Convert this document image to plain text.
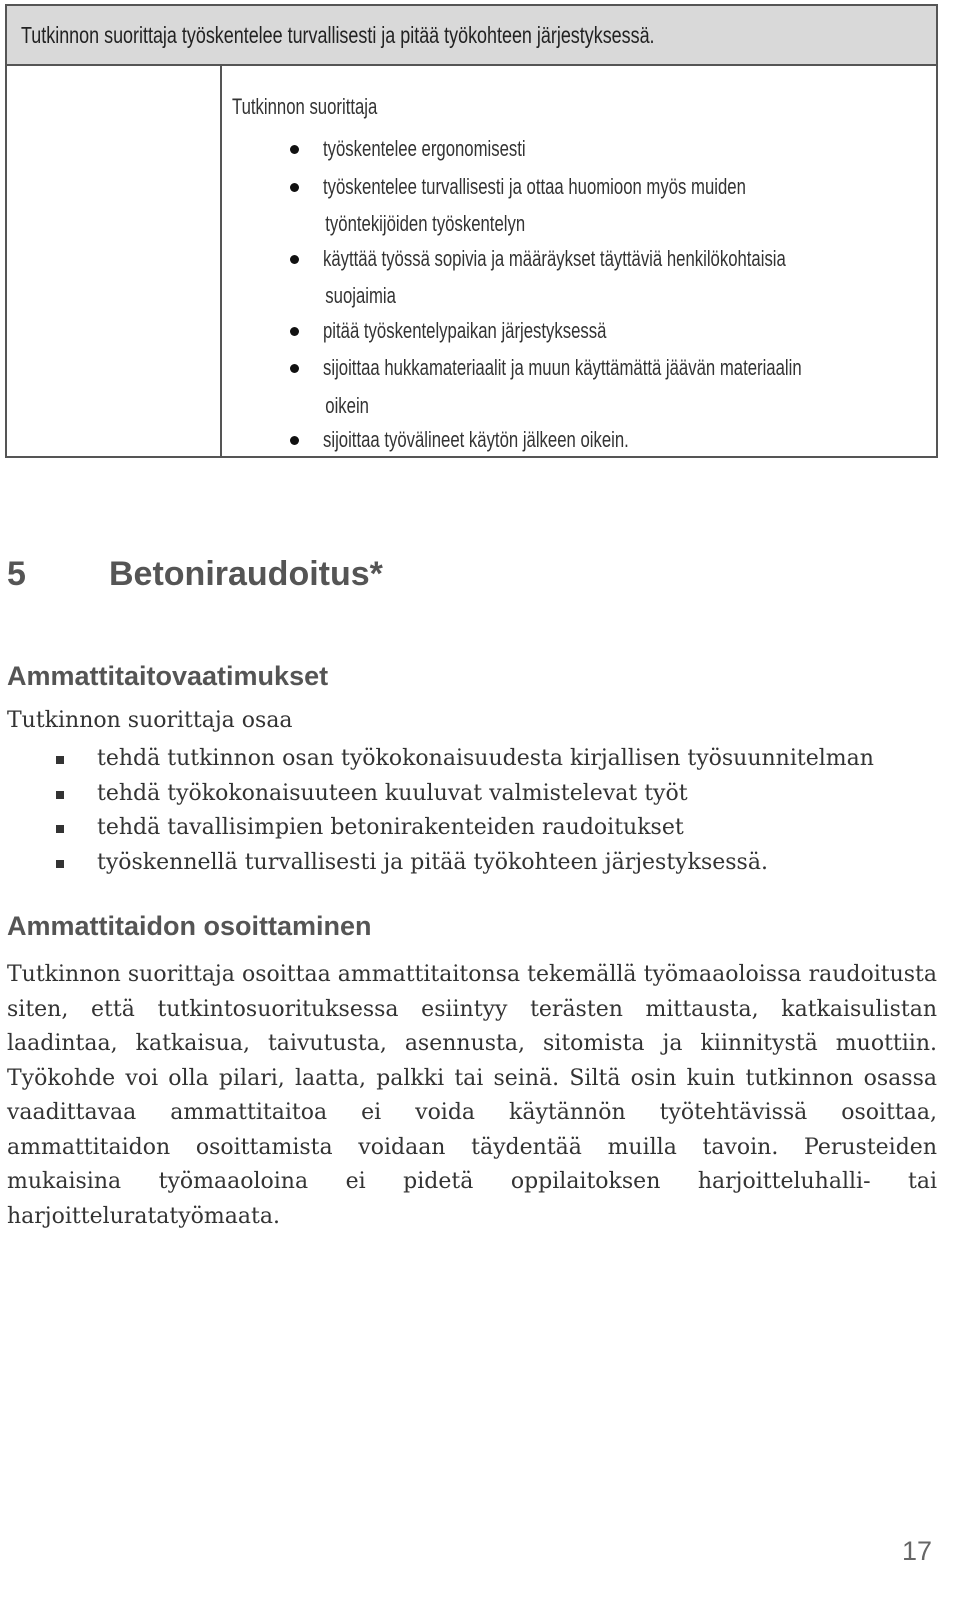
Tutkinnon suorittaja työskentelee turvallisesti ja pitää työkohteen järjestyksessä.
Tutkinnon suorittaja
työskentelee ergonomisesti
työskentelee turvallisesti ja ottaa huomioon myös muiden

työntekijöiden työskentelyn
käyttää työssä sopivia ja määräykset täyttäviä henkilökohtaisia

suojaimia
pitää työskentelypaikan järjestyksessä
sijoittaa hukkamateriaalit ja muun käyttämättä jäävän materiaalin

oikein
sijoittaa työvälineet käytön jälkeen oikein.
5 Betoniraudoitus*
Ammattitaitovaatimukset
Tutkinnon suorittaja osaa
tehdä tutkinnon osan työkokonaisuudesta kirjallisen työsuunnitelman
tehdä työkokonaisuuteen kuuluvat valmistelevat työt
tehdä tavallisimpien betonirakenteiden raudoitukset
työskennellä turvallisesti ja pitää työkohteen järjestyksessä.
Ammattitaidon osoittaminen

Tutkinnon suorittaja osoittaa ammattitaitonsa tekemällä työmaaoloissa raudoitusta siten, että tutkintosuorituksessa esiintyy terästen mittausta, katkaisulistan laadintaa, katkaisua, taivutusta, asennusta, sitomista ja kiinnitystä muottiin. Työkohde voi olla pilari, laatta, palkki tai seinä. Siltä osin kuin tutkinnon osassa vaadittavaa ammattitaitoa ei voida käytännön työtehtävissä osoittaa, ammattitaidon osoittamista voidaan täydentää muilla tavoin. Perusteiden mukaisina työmaaoloina ei pidetä oppilaitoksen harjoitteluhalli- tai harjoitteluratatyömaata.

17
